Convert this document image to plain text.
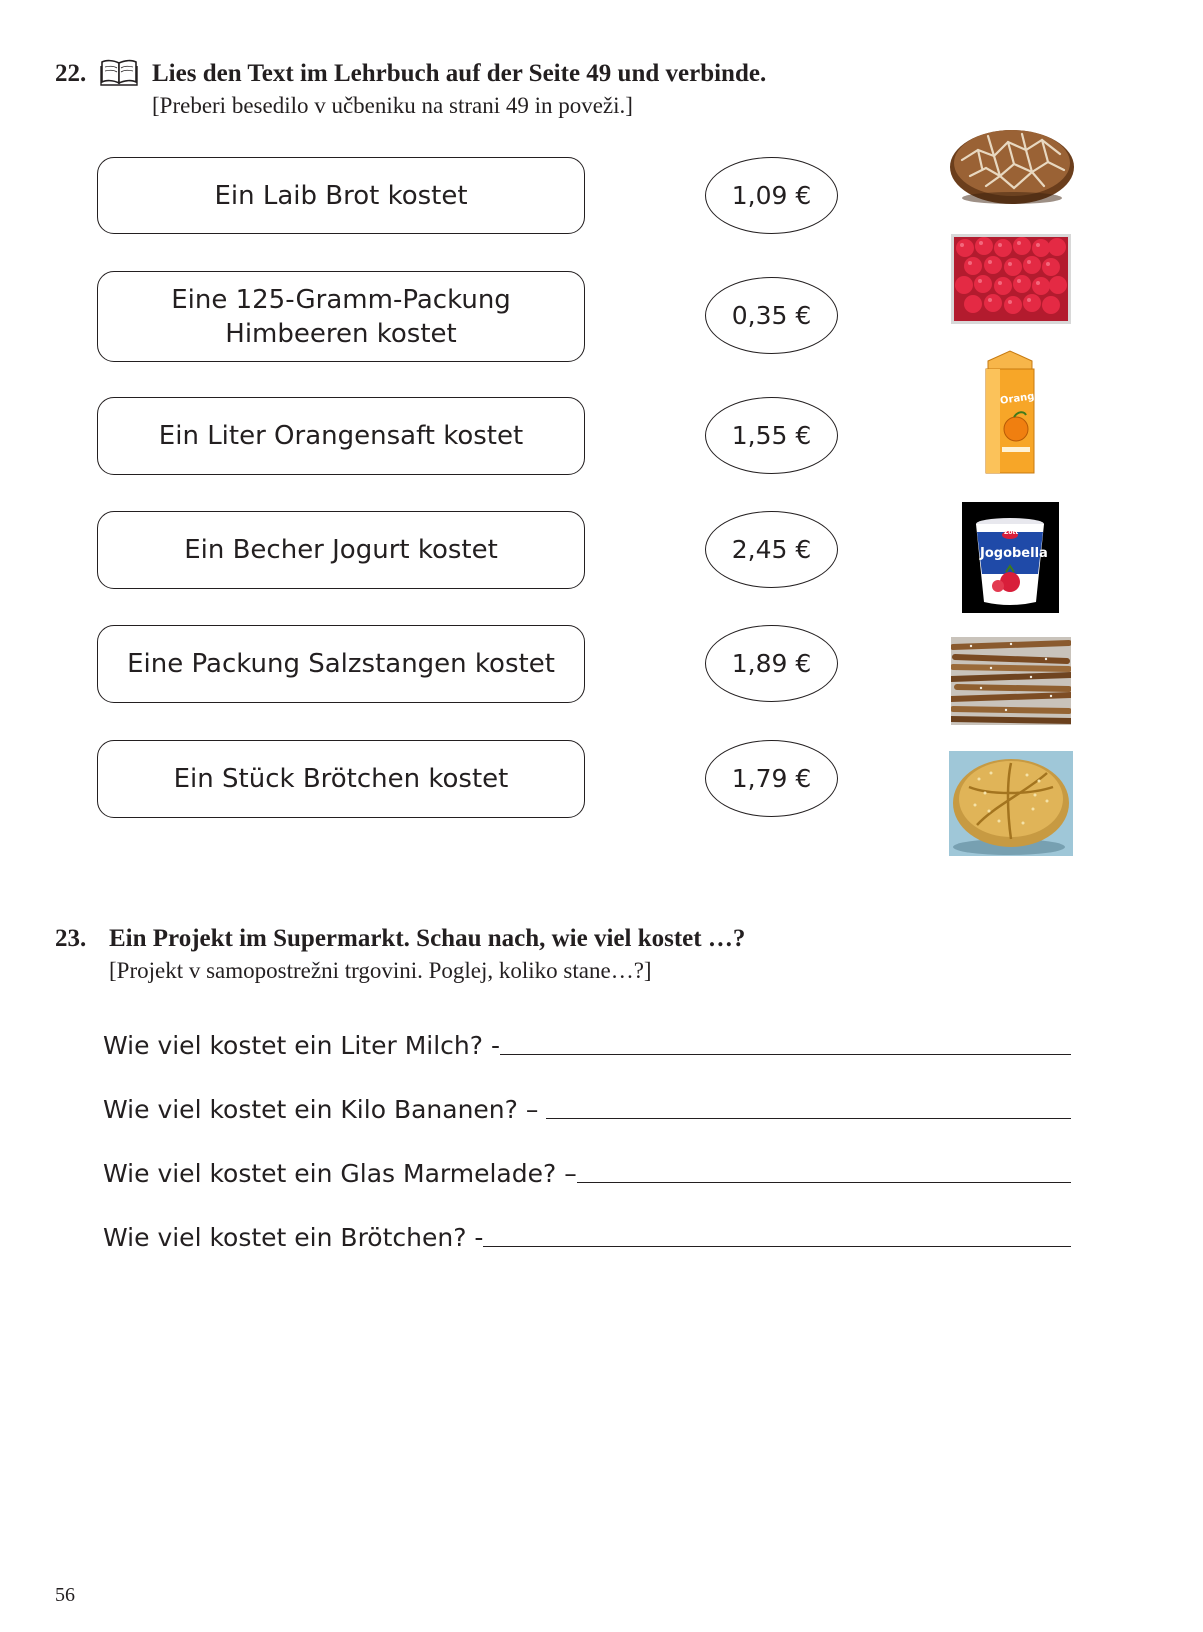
22.	Lies den Text im Lehrbuch auf der Seite 49 und verbinde.
[Preberi besedilo v učbeniku na strani 49 in poveži.]
Ein Laib Brot kostet
Eine 125-Gramm-Packung Himbeeren kostet
Ein Liter Orangensaft kostet
Ein Becher Jogurt kostet
Eine Packung Salzstangen kostet
Ein Stück Brötchen kostet
1,09 €
0,35 €
1,55 €
2,45 €
1,89 €
1,79 €
Orange
Zott
Jogobella
23. Ein Projekt im Supermarkt. Schau nach, wie viel kostet …?
[Projekt v samopostrežni trgovini. Poglej, koliko stane…?]
Wie viel kostet ein Liter Milch? -
Wie viel kostet ein Kilo Bananen? –
Wie viel kostet ein Glas Marmelade? –
Wie viel kostet ein Brötchen? -
56
